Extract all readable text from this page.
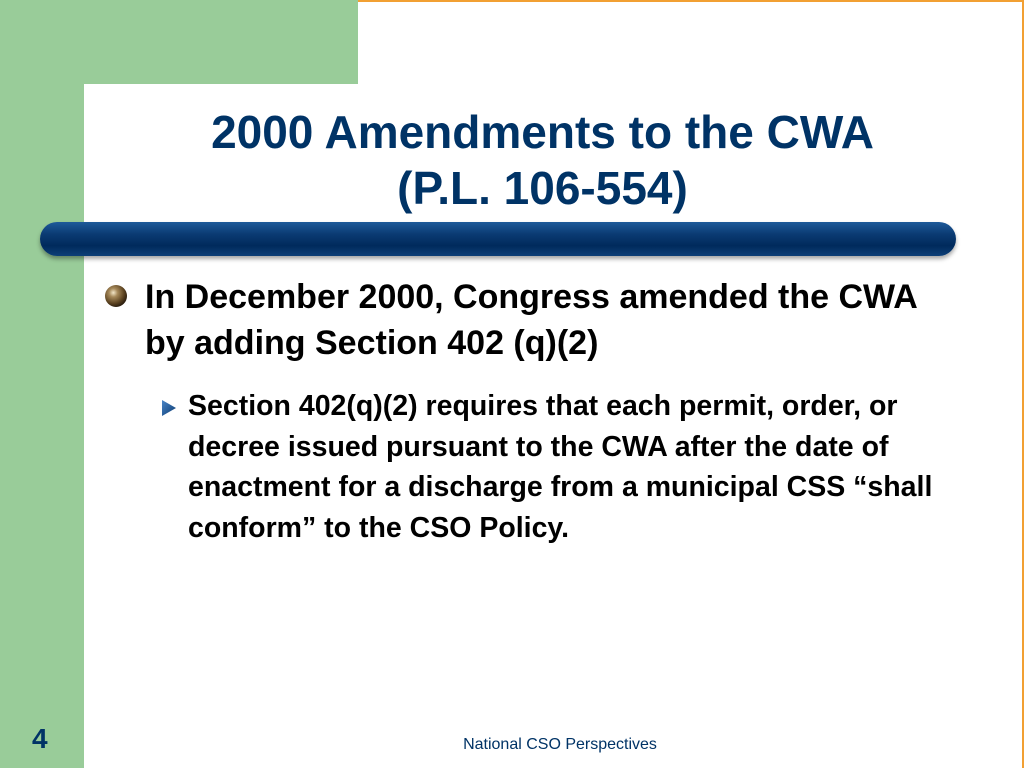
2000 Amendments to the CWA
(P.L. 106-554)

In December 2000, Congress amended the CWA by adding Section 402 (q)(2)

Section 402(q)(2) requires that each permit, order, or decree issued pursuant to the CWA after the date of enactment for a discharge from a municipal CSS “shall conform” to the CSO Policy.

4	National CSO Perspectives
